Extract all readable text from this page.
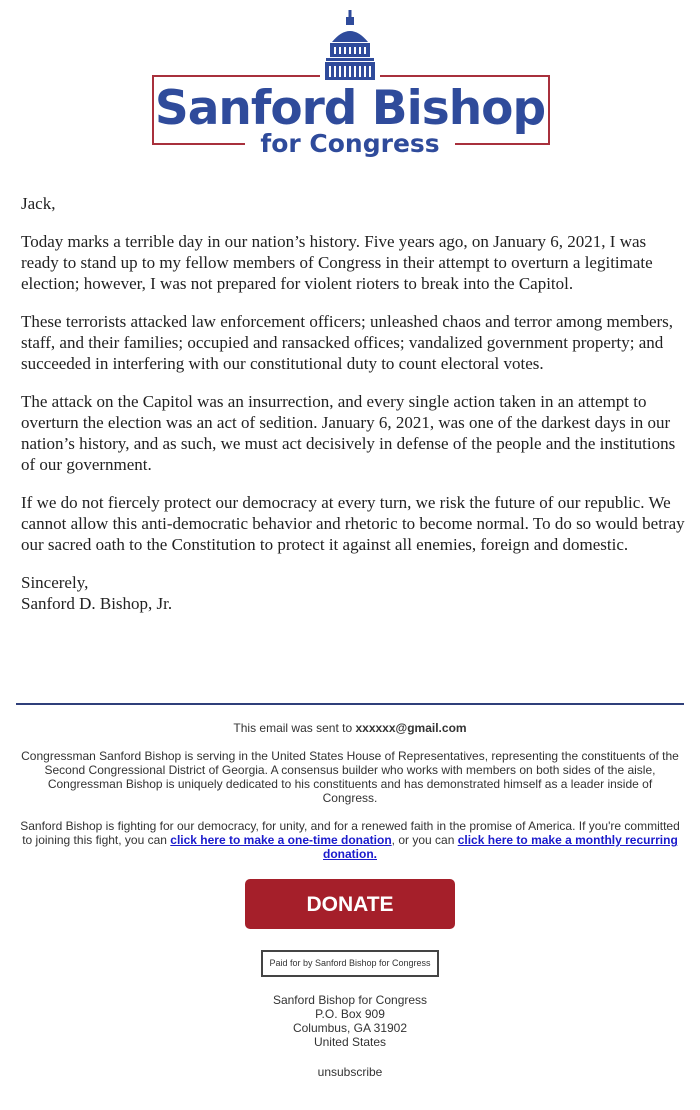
Sanford Bishop
for Congress

Jack,

Today marks a terrible day in our nation’s history. Five years ago, on January 6, 2021, I was ready to stand up to my fellow members of Congress in their attempt to overturn a legitimate election; however, I was not prepared for violent rioters to break into the Capitol.

These terrorists attacked law enforcement officers; unleashed chaos and terror among members, staff, and their families; occupied and ransacked offices; vandalized government property; and succeeded in interfering with our constitutional duty to count electoral votes.

The attack on the Capitol was an insurrection, and every single action taken in an attempt to overturn the election was an act of sedition. January 6, 2021, was one of the darkest days in our nation’s history, and as such, we must act decisively in defense of the people and the institutions of our government.

If we do not fiercely protect our democracy at every turn, we risk the future of our republic. We cannot allow this anti-democratic behavior and rhetoric to become normal. To do so would betray our sacred oath to the Constitution to protect it against all enemies, foreign and domestic.

Sincerely,
Sanford D. Bishop, Jr.

This email was sent to xxxxxx@gmail.com

Congressman Sanford Bishop is serving in the United States House of Representatives, representing the constituents of the Second Congressional District of Georgia. A consensus builder who works with members on both sides of the aisle, Congressman Bishop is uniquely dedicated to his constituents and has demonstrated himself as a leader inside of Congress.

Sanford Bishop is fighting for our democracy, for unity, and for a renewed faith in the promise of America. If you're committed to joining this fight, you can click here to make a one-time donation, or you can click here to make a monthly recurring donation.

DONATE
Paid for by Sanford Bishop for Congress
Sanford Bishop for Congress
P.O. Box 909
Columbus, GA 31902
United States
unsubscribe
